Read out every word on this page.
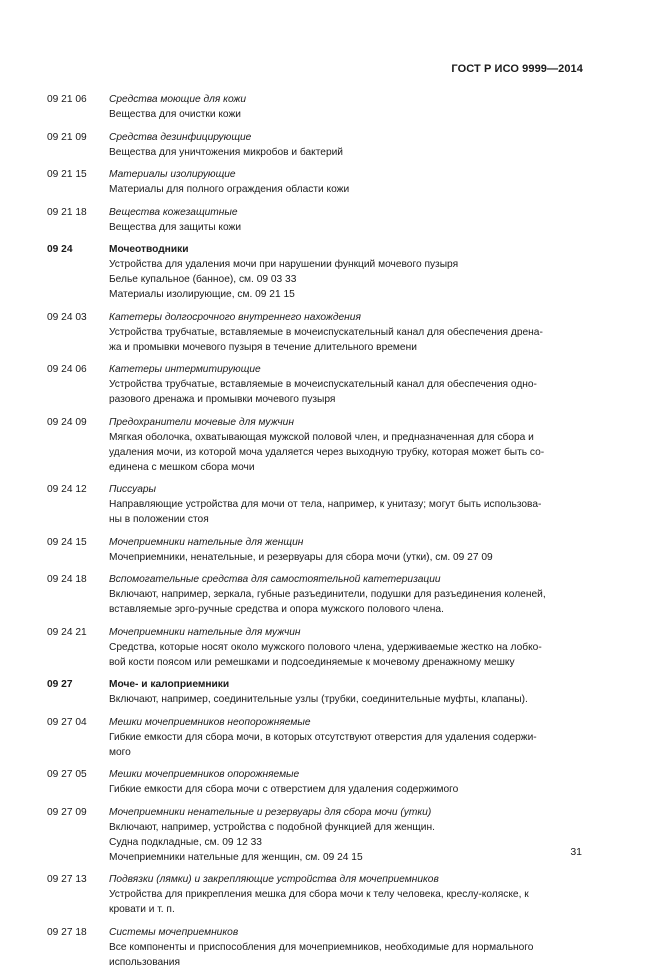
ГОСТ Р ИСО 9999—2014
09 21 06	Средства моющие для кожи
Вещества для очистки кожи
09 21 09	Средства дезинфицирующие
Вещества для уничтожения микробов и бактерий
09 21 15	Материалы изолирующие
Материалы для полного ограждения области кожи
09 21 18	Вещества кожезащитные
Вещества для защиты кожи
09 24	Мочеотводники
Устройства для удаления мочи при нарушении функций мочевого пузыря
Белье купальное (банное), см. 09 03 33
Материалы изолирующие, см. 09 21 15
09 24 03	Катетеры долгосрочного внутреннего нахождения
Устройства трубчатые, вставляемые в мочеиспускательный канал для обеспечения дрена-
жа и промывки мочевого пузыря в течение длительного времени
09 24 06	Катетеры интермитирующие
Устройства трубчатые, вставляемые в мочеиспускательный канал для обеспечения одно-
разового дренажа и промывки мочевого пузыря
09 24 09	Предохранители мочевые для мужчин
Мягкая оболочка, охватывающая мужской половой член, и предназначенная для сбора и
удаления мочи, из которой моча удаляется через выходную трубку, которая может быть со-
единена с мешком сбора мочи
09 24 12	Писсуары
Направляющие устройства для мочи от тела, например, к унитазу; могут быть использова-
ны в положении стоя
09 24 15	Мочеприемники нательные для женщин
Мочеприемники, ненательные, и резервуары для сбора мочи (утки), см. 09 27 09
09 24 18	Вспомогательные средства для самостоятельной катетеризации
Включают, например, зеркала, губные разъединители, подушки для разъединения коленей,
вставляемые эрго-ручные средства и опора мужского полового члена.
09 24 21	Мочеприемники нательные для мужчин
Средства, которые носят около мужского полового члена, удерживаемые жестко на лобко-
вой кости поясом или ремешками и подсоединяемые к мочевому дренажному мешку
09 27	Моче- и калоприемники
Включают, например, соединительные узлы (трубки, соединительные муфты, клапаны).
09 27 04	Мешки мочеприемников неопорожняемые
Гибкие емкости для сбора мочи, в которых отсутствуют отверстия для удаления содержи-
мого
09 27 05	Мешки мочеприемников опорожняемые
Гибкие емкости для сбора мочи с отверстием для удаления содержимого
09 27 09	Мочеприемники ненательные и резервуары для сбора мочи (утки)
Включают, например, устройства с подобной функцией для женщин.
Судна подкладные, см. 09 12 33
Мочеприемники нательные для женщин, см. 09 24 15
09 27 13	Подвязки (лямки) и закрепляющие устройства для мочеприемников
Устройства для прикрепления мешка для сбора мочи к телу человека, креслу-коляске, к
кровати и т. п.
09 27 18	Системы мочеприемников
Все компоненты и приспособления для мочеприемников, необходимые для нормального
использования
31
